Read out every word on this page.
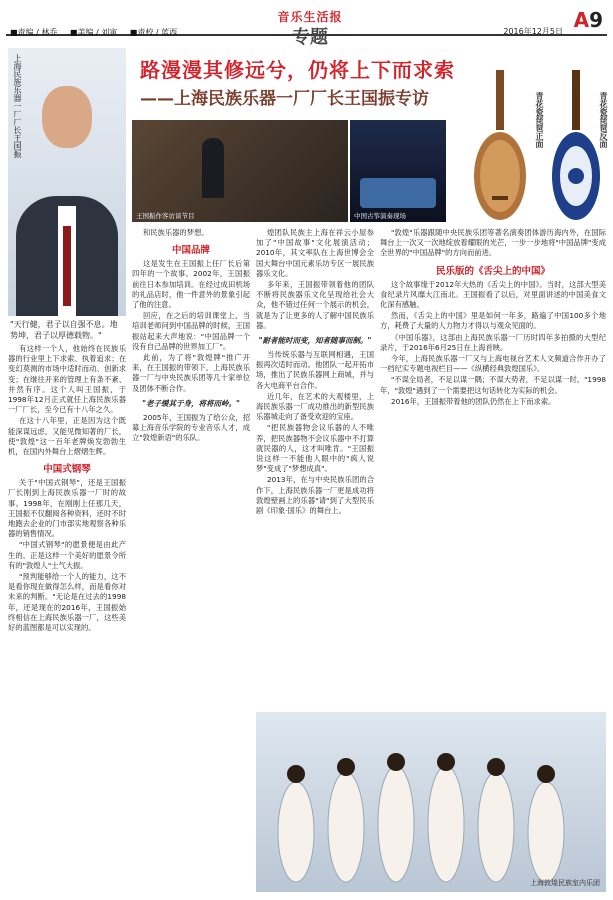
■责编 / 林乔 ■美编 / 刘寅 ■责校 / 蓝西
音乐生活报
专题	2016年12月5日 A9
路漫漫其修远兮，仍将上下而求索
——上海民族乐器一厂厂长王国振专访
上海民族乐器一厂厂长王国振
"天行健，君子以自强不息。地势坤，君子以厚德载物。"

有这样一个人，他始终在民族乐器的行业里上下求索、执着追求；在变幻莫测的市场中适时而动、创新求变；在继往开来的管理上有条不紊、井然有序。这个人叫王国振，于1998年12月正式就任上海民族乐器一厂厂长，至今已有十八年之久。

在这十八年里，正是因为这个既能深谋远虑，又能见微知著的厂长，使"敦煌"这一百年老牌焕发勃勃生机，在国内外舞台上熠熠生辉。

中国式钢琴

关于"中国式钢琴"，还是王国振厂长刚到上海民族乐器一厂时的故事。1998年，在刚刚上任那几天，王国振不仅翻阅各种资料，还时不时地跑去企业的门市部实地观察各种乐器的销售情况。

"中国式钢琴"的愿景便是由此产生的。正是这样一个美好的愿景令所有的"敦煌人"士气大振。

"预判能够给一个人的能力，这不是看你现在做得怎么样，而是看你对未来的判断。"无论是在过去的1998年，还是现在的2016年，王国振始终相信在上海民族乐器一厂，这些美好的蓝图都是可以实现的。

王国振作客访谈节目	中国古筝演奏现场
青花瓷琵琶正面	青花瓷琵琶反面

和民族乐器的梦想。

中国品牌

这是发生在王国振上任厂长后第四年的一个故事。2002年，王国振前往日本参加培训。在经过成田机场的礼品店时，他一件意外的景象引起了他的注意。

回应，在之后的培训课堂上，当培训老师问到中国品牌的时候，王国振站起来大声地说："中国品牌一个没有自己品牌的世界加工厂"。

此前，为了将"敦煌牌"推广开来，在王国振的带领下，上海民族乐器一厂与中央民族乐团等几十家单位及团体不断合作。

"老子缓其于身，将将而岭。"

2005年，王国振为了给公众，招募上海音乐学院的专业音乐人才，成立"敦煌新语"的乐队。

煌团队民族主上海在祥云小屋参加了"中国故事"文化展演活动；2010年，其文率队在上海世博会全国大舞台中国元素乐坊专区一展民族器乐文化。

多年来，王国振带领着他的团队不断将民族器乐文化呈现给社会大众，他不错过任何一个展示的机会，就是为了让更多的人了解中国民族乐器。

"耐者能时而变，知者随事而制。"

当传统乐器与互联网相遇，王国振再次适时而动。他团队一起开拓市场，推出了民族乐器网上商城，并与各大电商平台合作。

近几年，在艺术的大观楼里，上海民族乐器一厂成功推出的新型民族乐器城走向了备受欢迎的宝座。

"把民族器物会议乐器的人不唯养，把民族器物不会议乐器中不打算就民器的人，这才叫唯肯。"王国振说这样一不能他人眼中的"疯人说梦"变成了"梦想成真"。

2013年，在与中央民族乐团的合作下，上海民族乐器一厂更是成功将敦煌壁画上的乐器"请"到了大型民乐剧《印象·国乐》的舞台上。

"敦煌"乐器跟随中央民族乐团等著名演奏团体游历海内外，在国际舞台上一次又一次地绽放着耀眼的光芒，一步一步地将"中国品牌"变成全世界的"中国品牌"的方向而前进。

民乐版的《舌尖上的中国》

这个故事缘于2012年大热的《舌尖上的中国》。当时，这部大型美食纪录片风靡大江南北。王国振看了以后，对里面讲述的中国美食文化深有感触。

然而，《舌尖上的中国》里是如何一年多，路遍了中国100多个地方，耗费了大量的人力物力才得以与观众见面的。

《中国乐器》，这部由上海民族乐器一厂历时四年多拍摄的大型纪录片，于2016年6月25日在上海首映。

今年，上海民族乐器一厂又与上海电视台艺术人文频道合作开办了一档纪实专题电视栏目——《纵横经典敦煌国乐》。

"不谋全局者，不足以谋一隅；不谋大势者，不足以谋一时。"1998年，"敦煌"遇到了一个需要把这句话转化为实际的机会。

2016年，王国振带着他的团队仍然在上下而求索。

上海敦煌民族室内乐团
